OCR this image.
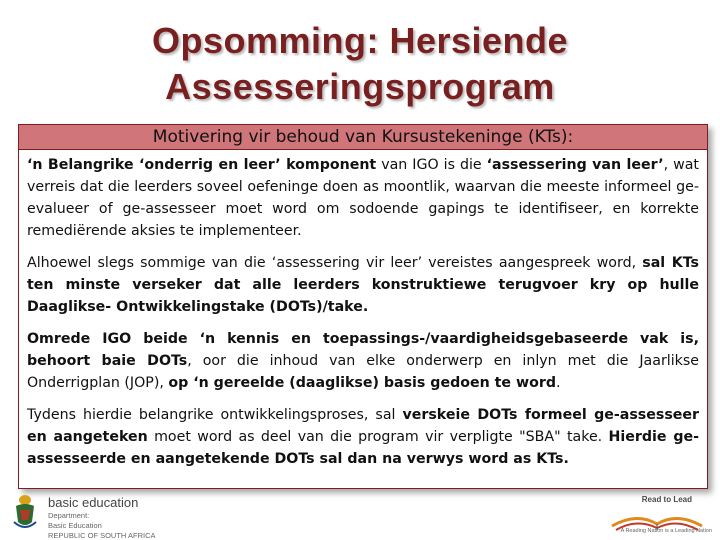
Opsomming: Hersiende
Assesseringsprogram
Motivering vir behoud van Kursustekeninge (KTs):

‘n Belangrike ‘onderrig en leer’ komponent van IGO is die ‘assessering van leer’, wat verreis dat die leerders soveel oefeninge doen as moontlik, waarvan die meeste informeel ge-evalueer of ge-assesseer moet word om sodoende gapings te identifiseer, en korrekte remediërende aksies te implementeer.

Alhoewel slegs sommige van die ‘assessering vir leer’ vereistes aangespreek word, sal KTs ten minste verseker dat alle leerders konstruktiewe terugvoer kry op hulle Daaglikse- Ontwikkelingstake (DOTs)/take.

Omrede IGO beide ‘n kennis en toepassings-/vaardigheidsgebaseerde vak is, behoort baie DOTs, oor die inhoud van elke onderwerp en inlyn met die Jaarlikse Onderrigplan (JOP), op ‘n gereelde (daaglikse) basis gedoen te word.

Tydens hierdie belangrike ontwikkelingsproses, sal verskeie DOTs formeel ge-assesseer en aangeteken moet word as deel van die program vir verpligte "SBA" take. Hierdie ge-assesseerde en aangetekende DOTs sal dan na verwys word as KTs.

basic education
Department:
Basic Education
REPUBLIC OF SOUTH AFRICA
Read to Lead
A Reading Nation is a Leading Nation
